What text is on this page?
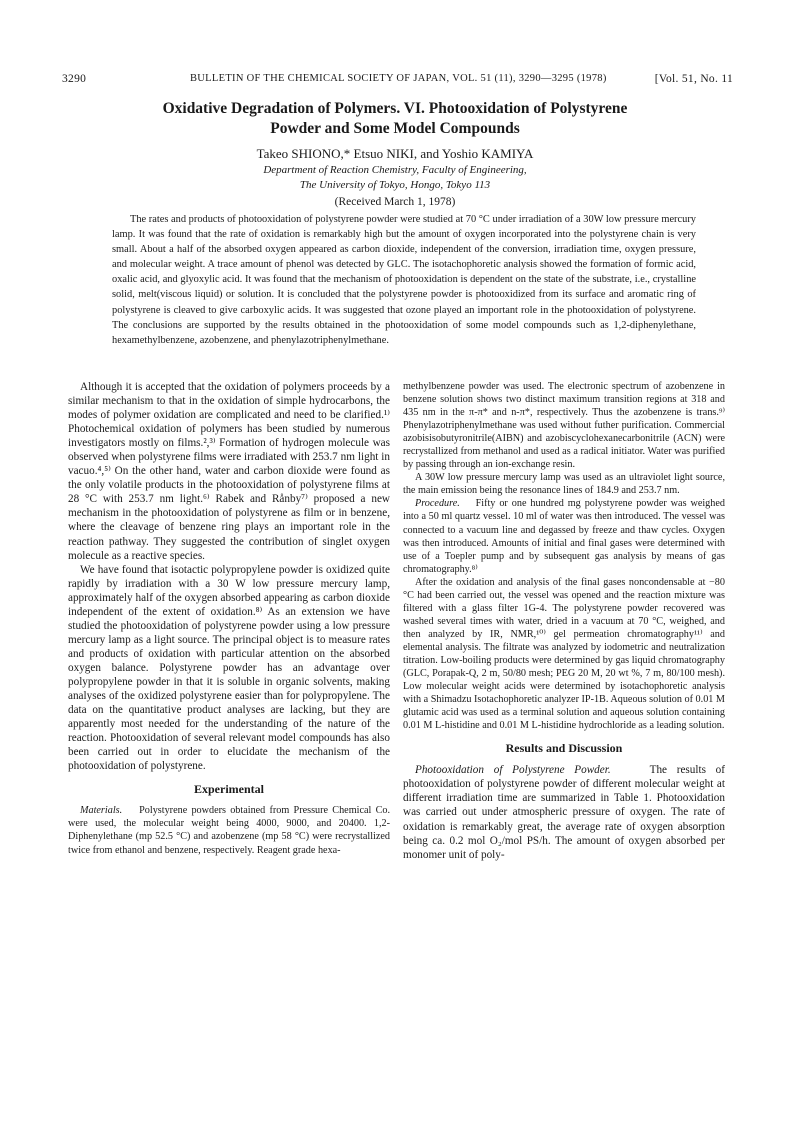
3290	BULLETIN OF THE CHEMICAL SOCIETY OF JAPAN, VOL. 51 (11), 3290—3295 (1978)	[Vol. 51, No. 11
Oxidative Degradation of Polymers. VI. Photooxidation of Polystyrene
Powder and Some Model Compounds
Takeo SHIONO,* Etsuo NIKI, and Yoshio KAMIYA
Department of Reaction Chemistry, Faculty of Engineering,
The University of Tokyo, Hongo, Tokyo 113
(Received March 1, 1978)

The rates and products of photooxidation of polystyrene powder were studied at 70 °C under irradiation of a 30W low pressure mercury lamp. It was found that the rate of oxidation is remarkably high but the amount of oxygen incorporated into the polystyrene chain is very small. About a half of the absorbed oxygen appeared as carbon dioxide, independent of the conversion, irradiation time, oxygen pressure, and molecular weight. A trace amount of phenol was detected by GLC. The isotachophoretic analysis showed the formation of formic acid, oxalic acid, and glyoxylic acid. It was found that the mechanism of photooxidation is dependent on the state of the substrate, i.e., crystalline solid, melt(viscous liquid) or solution. It is concluded that the polystyrene powder is photooxidized from its surface and aromatic ring of polystyrene is cleaved to give carboxylic acids. It was suggested that ozone played an important role in the photooxidation of polystyrene. The conclusions are supported by the results obtained in the photooxidation of some model compounds such as 1,2-diphenylethane, hexamethylbenzene, azobenzene, and phenylazotriphenylmethane.

Although it is accepted that the oxidation of polymers proceeds by a similar mechanism to that in the oxidation of simple hydrocarbons, the modes of polymer oxidation are complicated and need to be clarified.¹⁾ Photochemical oxidation of polymers has been studied by numerous investigators mostly on films.²,³⁾ Formation of hydrogen molecule was observed when polystyrene films were irradiated with 253.7 nm light in vacuo.⁴,⁵⁾ On the other hand, water and carbon dioxide were found as the only volatile products in the photooxidation of polystyrene films at 28 °C with 253.7 nm light.⁶⁾ Rabek and Rånby⁷⁾ proposed a new mechanism in the photooxidation of polystyrene as film or in benzene, where the cleavage of benzene ring plays an important role in the reaction pathway. They suggested the contribution of singlet oxygen molecule as a reactive species.

We have found that isotactic polypropylene powder is oxidized quite rapidly by irradiation with a 30 W low pressure mercury lamp, approximately half of the oxygen absorbed appearing as carbon dioxide independent of the extent of oxidation.⁸⁾ As an extension we have studied the photooxidation of polystyrene powder using a low pressure mercury lamp as a light source. The principal object is to measure rates and products of oxidation with particular attention on the absorbed oxygen balance. Polystyrene powder has an advantage over polypropylene powder in that it is soluble in organic solvents, making analyses of the oxidized polystyrene easier than for polypropylene. The data on the quantitative product analyses are lacking, but they are apparently most needed for the understanding of the nature of the reaction. Photooxidation of several relevant model compounds has also been carried out in order to elucidate the mechanism of the photooxidation of polystyrene.

Experimental

Materials. Polystyrene powders obtained from Pressure Chemical Co. were used, the molecular weight being 4000, 9000, and 20400. 1,2-Diphenylethane (mp 52.5 °C) and azobenzene (mp 58 °C) were recrystallized twice from ethanol and benzene, respectively. Reagent grade hexa-

methylbenzene powder was used. The electronic spectrum of azobenzene in benzene solution shows two distinct maximum transition regions at 318 and 435 nm in the π-π* and n-π*, respectively. Thus the azobenzene is trans.⁹⁾ Phenylazotriphenylmethane was used without futher purification. Commercial azobisisobutyronitrile(AIBN) and azobiscyclohexanecarbonitrile (ACN) were recrystallized from methanol and used as a radical initiator. Water was purified by passing through an ion-exchange resin.

A 30W low pressure mercury lamp was used as an ultraviolet light source, the main emission being the resonance lines of 184.9 and 253.7 nm.

Procedure. Fifty or one hundred mg polystyrene powder was weighed into a 50 ml quartz vessel. 10 ml of water was then introduced. The vessel was connected to a vacuum line and degassed by freeze and thaw cycles. Oxygen was then introduced. Amounts of initial and final gases were determined with use of a Toepler pump and by subsequent gas analysis by means of gas chromatography.⁸⁾

After the oxidation and analysis of the final gases noncondensable at −80 °C had been carried out, the vessel was opened and the reaction mixture was filtered with a glass filter 1G-4. The polystyrene powder recovered was washed several times with water, dried in a vacuum at 70 °C, weighed, and then analyzed by IR, NMR,¹⁰⁾ gel permeation chromatography¹¹⁾ and elemental analysis. The filtrate was analyzed by iodometric and neutralization titration. Low-boiling products were determined by gas liquid chromatography (GLC, Porapak-Q, 2 m, 50/80 mesh; PEG 20 M, 20 wt %, 7 m, 80/100 mesh). Low molecular weight acids were determined by isotachophoretic analysis with a Shimadzu Isotachophoretic analyzer IP-1B. Aqueous solution of 0.01 M glutamic acid was used as a terminal solution and aqueous solution containing 0.01 M L-histidine and 0.01 M L-histidine hydrochloride as a leading solution.

Results and Discussion

Photooxidation of Polystyrene Powder.	The results of photooxidation of polystyrene powder of different molecular weight at different irradiation time are summarized in Table 1. Photooxidation was carried out under atmospheric pressure of oxygen. The rate of oxidation is remarkably great, the average rate of oxygen absorption being ca. 0.2 mol O₂/mol PS/h. The amount of oxygen absorbed per monomer unit of poly-
